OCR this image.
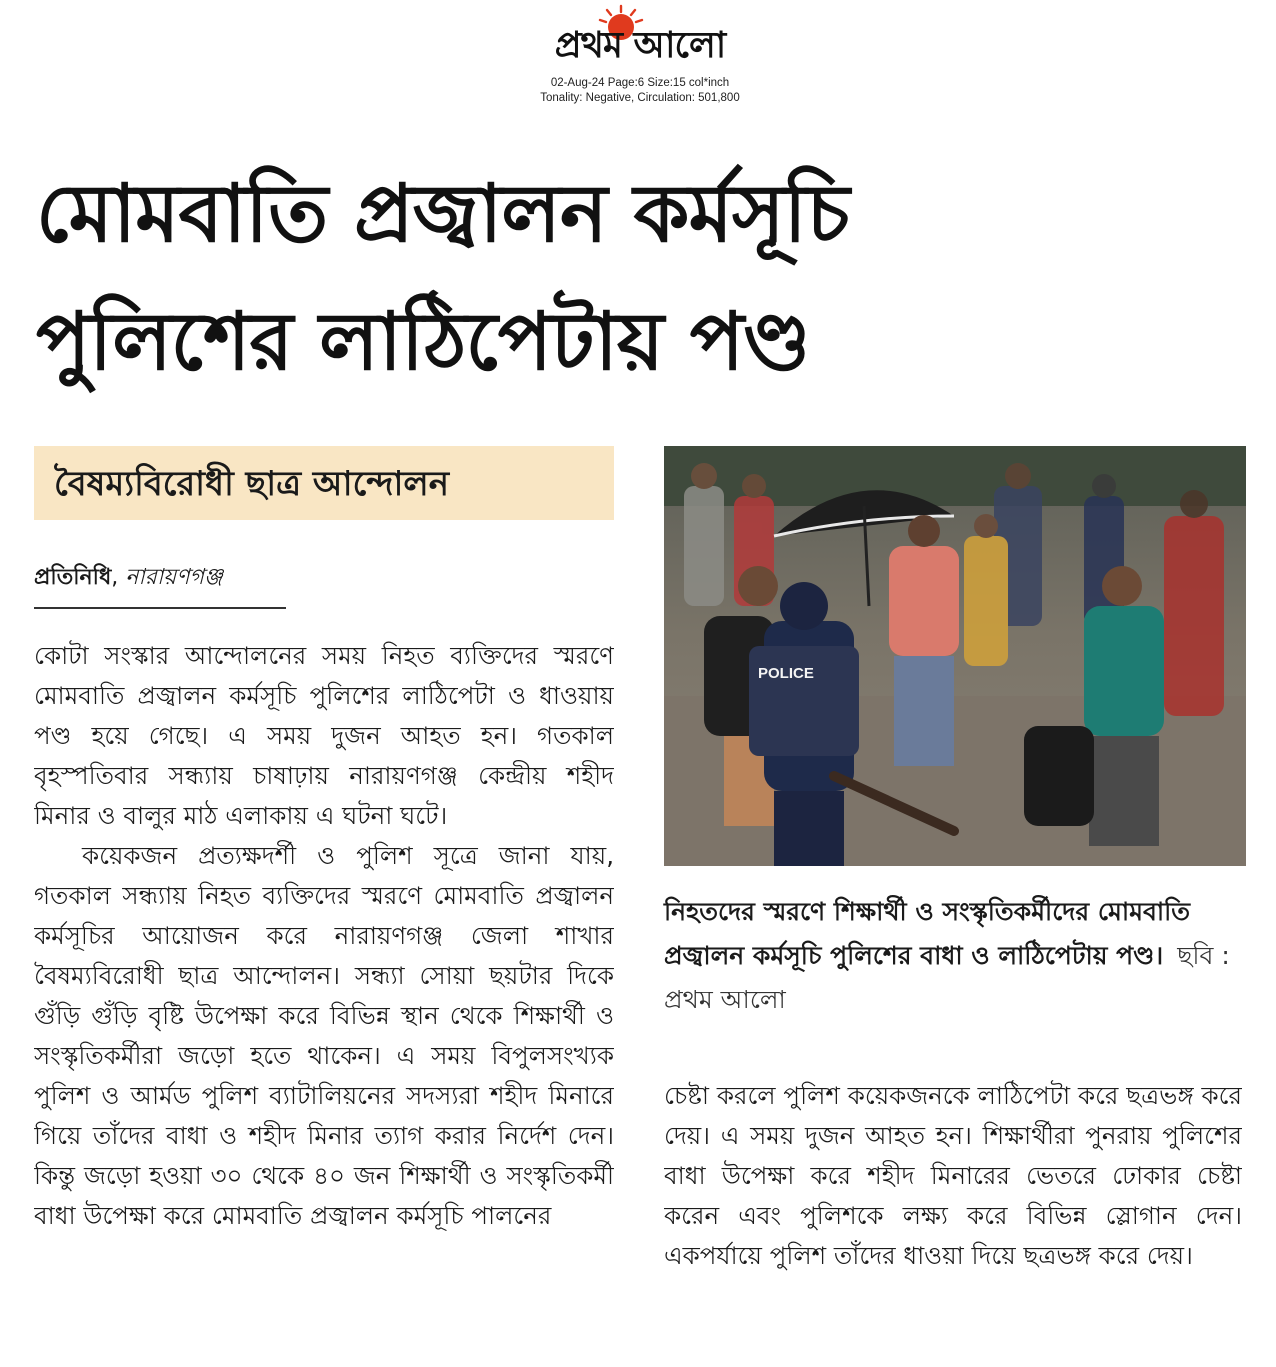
প্রথম আলো
02-Aug-24 Page:6 Size:15 col*inch
Tonality: Negative, Circulation: 501,800
মোমবাতি প্রজ্বালন কর্মসূচি
পুলিশের লাঠিপেটায় পণ্ড
বৈষম্যবিরোধী ছাত্র আন্দোলন
প্রতিনিধি, নারায়ণগঞ্জ

কোটা সংস্কার আন্দোলনের সময় নিহত ব্যক্তিদের স্মরণে মোমবাতি প্রজ্বালন কর্মসূচি পুলিশের লাঠিপেটা ও ধাওয়ায় পণ্ড হয়ে গেছে। এ সময় দুজন আহত হন। গতকাল বৃহস্পতিবার সন্ধ্যায় চাষাঢ়ায় নারায়ণগঞ্জ কেন্দ্রীয় শহীদ মিনার ও বালুর মাঠ এলাকায় এ ঘটনা ঘটে।

কয়েকজন প্রত্যক্ষদর্শী ও পুলিশ সূত্রে জানা যায়, গতকাল সন্ধ্যায় নিহত ব্যক্তিদের স্মরণে মোমবাতি প্রজ্বালন কর্মসূচির আয়োজন করে নারায়ণগঞ্জ জেলা শাখার বৈষম্যবিরোধী ছাত্র আন্দোলন। সন্ধ্যা সোয়া ছয়টার দিকে গুঁড়ি গুঁড়ি বৃষ্টি উপেক্ষা করে বিভিন্ন স্থান থেকে শিক্ষার্থী ও সংস্কৃতিকর্মীরা জড়ো হতে থাকেন। এ সময় বিপুলসংখ্যক পুলিশ ও আর্মড পুলিশ ব্যাটালিয়নের সদস্যরা শহীদ মিনারে গিয়ে তাঁদের বাধা ও শহীদ মিনার ত্যাগ করার নির্দেশ দেন। কিন্তু জড়ো হওয়া ৩০ থেকে ৪০ জন শিক্ষার্থী ও সংস্কৃতিকর্মী বাধা উপেক্ষা করে মোমবাতি প্রজ্বালন কর্মসূচি পালনের

POLICE
নিহতদের স্মরণে শিক্ষার্থী ও সংস্কৃতিকর্মীদের মোমবাতি প্রজ্বালন কর্মসূচি পুলিশের বাধা ও লাঠিপেটায় পণ্ড। ছবি : প্রথম আলো

চেষ্টা করলে পুলিশ কয়েকজনকে লাঠিপেটা করে ছত্রভঙ্গ করে দেয়। এ সময় দুজন আহত হন। শিক্ষার্থীরা পুনরায় পুলিশের বাধা উপেক্ষা করে শহীদ মিনারের ভেতরে ঢোকার চেষ্টা করেন এবং পুলিশকে লক্ষ্য করে বিভিন্ন স্লোগান দেন। একপর্যায়ে পুলিশ তাঁদের ধাওয়া দিয়ে ছত্রভঙ্গ করে দেয়।
